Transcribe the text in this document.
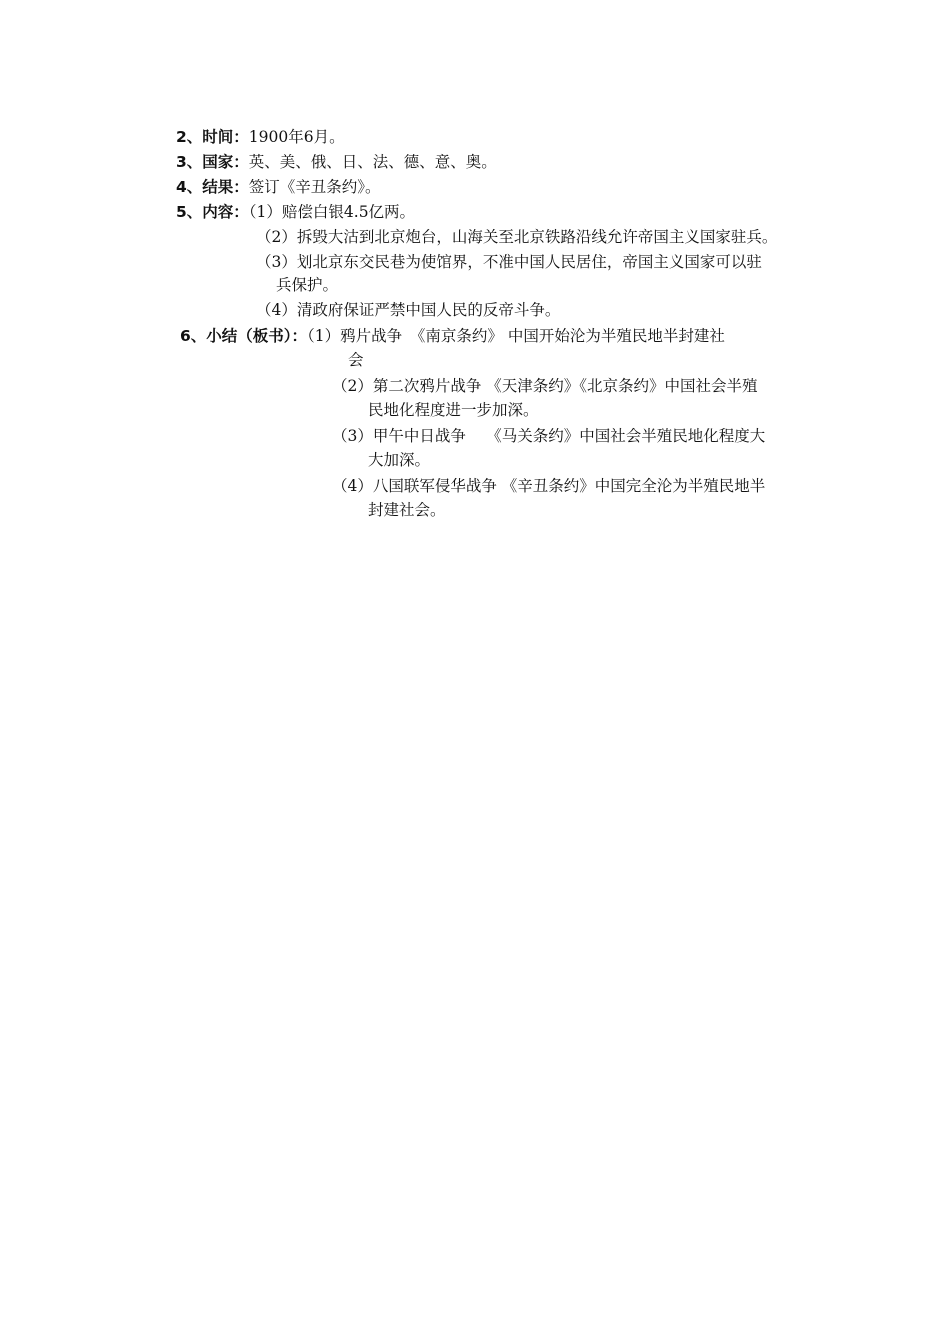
2、时间：1900年6月。
3、国家：英、美、俄、日、法、德、意、奥。
4、结果：签订《辛丑条约》。
5、内容：（1）赔偿白银4.5亿两。
（2）拆毁大沽到北京炮台，山海关至北京铁路沿线允许帝国主义国家驻兵。
（3）划北京东交民巷为使馆界，不准中国人民居住，帝国主义国家可以驻
兵保护。
（4）清政府保证严禁中国人民的反帝斗争。
6、小结（板书）：（1）鸦片战争　《南京条约》 中国开始沦为半殖民地半封建社
会
（2）第二次鸦片战争 《天津条约》《北京条约》中国社会半殖
民地化程度进一步加深。
（3）甲午中日战争　 《马关条约》中国社会半殖民地化程度大
大加深。
（4）八国联军侵华战争 《辛丑条约》中国完全沦为半殖民地半
封建社会。
